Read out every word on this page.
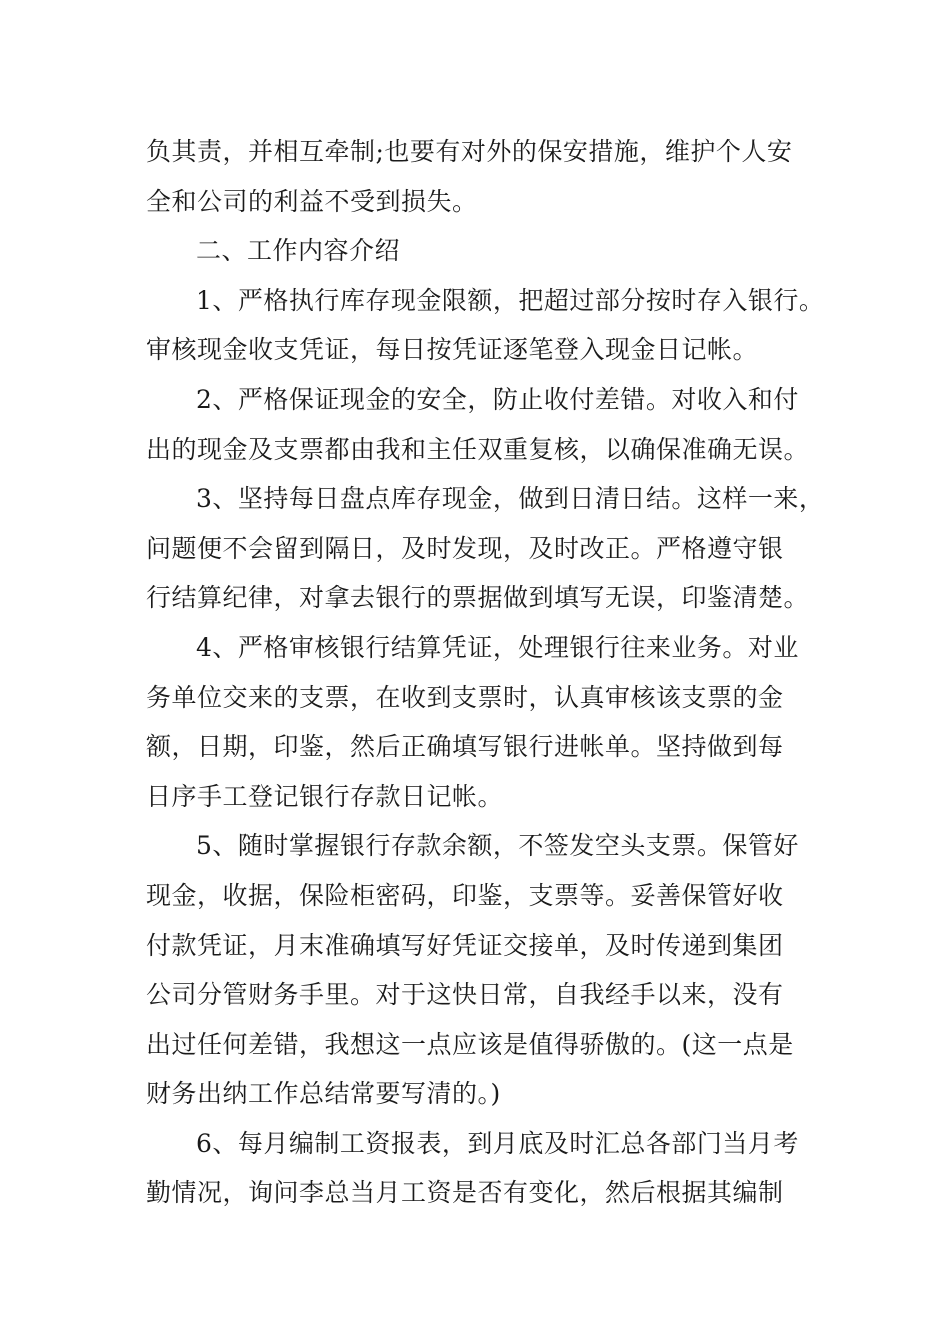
负其责，并相互牵制;也要有对外的保安措施，维护个人安
全和公司的利益不受到损失。
二、工作内容介绍
1、严格执行库存现金限额，把超过部分按时存入银行。
审核现金收支凭证，每日按凭证逐笔登入现金日记帐。
2、严格保证现金的安全，防止收付差错。对收入和付
出的现金及支票都由我和主任双重复核，以确保准确无误。
3、坚持每日盘点库存现金，做到日清日结。这样一来，
问题便不会留到隔日，及时发现，及时改正。严格遵守银
行结算纪律，对拿去银行的票据做到填写无误，印鉴清楚。
4、严格审核银行结算凭证，处理银行往来业务。对业
务单位交来的支票，在收到支票时，认真审核该支票的金
额，日期，印鉴，然后正确填写银行进帐单。坚持做到每
日序手工登记银行存款日记帐。
5、随时掌握银行存款余额，不签发空头支票。保管好
现金，收据，保险柜密码，印鉴，支票等。妥善保管好收
付款凭证，月末准确填写好凭证交接单，及时传递到集团
公司分管财务手里。对于这快日常，自我经手以来，没有
出过任何差错，我想这一点应该是值得骄傲的。(这一点是
财务出纳工作总结常要写清的。)
6、每月编制工资报表，到月底及时汇总各部门当月考
勤情况，询问李总当月工资是否有变化，然后根据其编制
